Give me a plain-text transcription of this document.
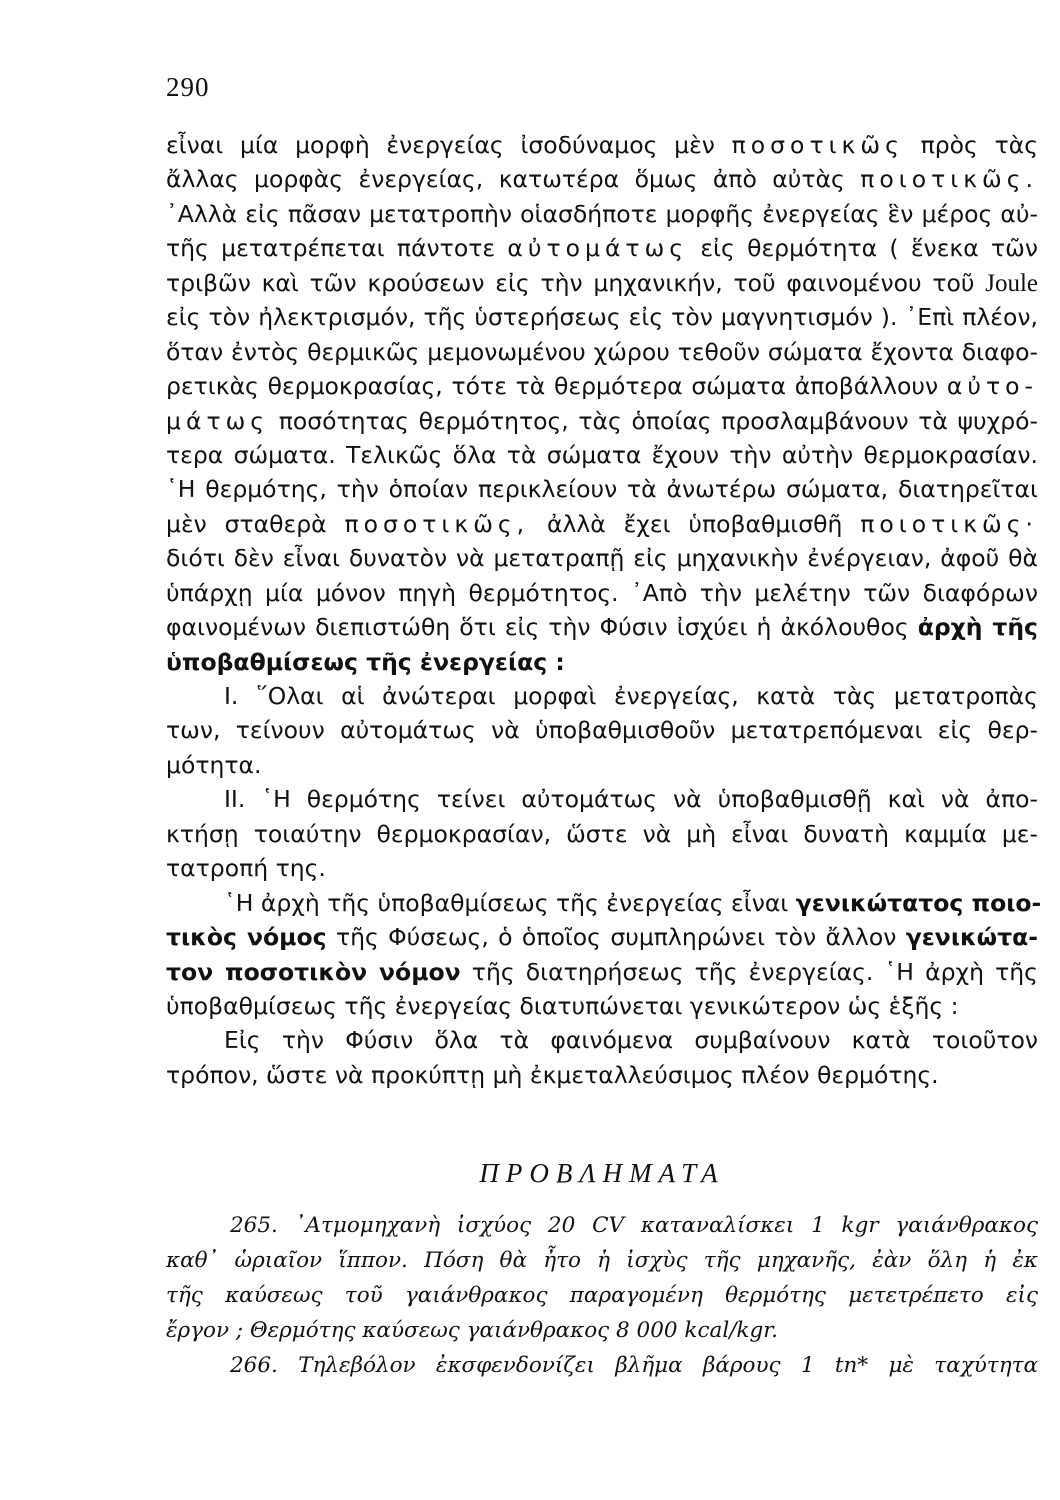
290
εἶναι μία μορφὴ ἐνεργείας ἰσοδύναμος μὲν ποσοτικῶς πρὸς τὰς
ἄλλας μορφὰς ἐνεργείας, κατωτέρα ὅμως ἀπὸ αὐτὰς ποιοτικῶς.
᾿Αλλὰ εἰς πᾶσαν μετατροπὴν οἱασδήποτε μορφῆς ἐνεργείας ἓν μέρος αὐ-
τῆς μετατρέπεται πάντοτε αὐτομάτως εἰς θερμότητα ( ἕνεκα τῶν
τριβῶν καὶ τῶν κρούσεων εἰς τὴν μηχανικήν, τοῦ φαινομένου τοῦ Joule
εἰς τὸν ἠλεκτρισμόν, τῆς ὑστερήσεως εἰς τὸν μαγνητισμόν ). ᾿Επὶ πλέον,
ὅταν ἐντὸς θερμικῶς μεμονωμένου χώρου τεθοῦν σώματα ἔχοντα διαφο-
ρετικὰς θερμοκρασίας, τότε τὰ θερμότερα σώματα ἀποβάλλουν αὐτο-
μάτως ποσότητας θερμότητος, τὰς ὁποίας προσλαμβάνουν τὰ ψυχρό-
τερα σώματα. Τελικῶς ὅλα τὰ σώματα ἔχουν τὴν αὐτὴν θερμοκρασίαν.
῾Η θερμότης, τὴν ὁποίαν περικλείουν τὰ ἀνωτέρω σώματα, διατηρεῖται
μὲν σταθερὰ ποσοτικῶς, ἀλλὰ ἔχει ὑποβαθμισθῆ ποιοτικῶς·
διότι δὲν εἶναι δυνατὸν νὰ μετατραπῇ εἰς μηχανικὴν ἐνέργειαν, ἀφοῦ θὰ
ὑπάρχῃ μία μόνον πηγὴ θερμότητος. ᾿Απὸ τὴν μελέτην τῶν διαφόρων
φαινομένων διεπιστώθη ὅτι εἰς τὴν Φύσιν ἰσχύει ἡ ἀκόλουθος ἀρχὴ τῆς
ὑποβαθμίσεως τῆς ἐνεργείας :
Ι. ῞Ολαι αἱ ἀνώτεραι μορφαὶ ἐνεργείας, κατὰ τὰς μετατροπὰς
των, τείνουν αὐτομάτως νὰ ὑποβαθμισθοῦν μετατρεπόμεναι εἰς θερ-
μότητα.
ΙΙ. ῾Η θερμότης τείνει αὐτομάτως νὰ ὑποβαθμισθῇ καὶ νὰ ἀπο-
κτήσῃ τοιαύτην θερμοκρασίαν, ὥστε νὰ μὴ εἶναι δυνατὴ καμμία με-
τατροπή της.
῾Η ἀρχὴ τῆς ὑποβαθμίσεως τῆς ἐνεργείας εἶναι γενικώτατος ποιο-
τικὸς νόμος τῆς Φύσεως, ὁ ὁποῖος συμπληρώνει τὸν ἄλλον γενικώτα-
τον ποσοτικὸν νόμον τῆς διατηρήσεως τῆς ἐνεργείας. ῾Η ἀρχὴ τῆς
ὑποβαθμίσεως τῆς ἐνεργείας διατυπώνεται γενικώτερον ὡς ἑξῆς :
Εἰς τὴν Φύσιν ὅλα τὰ φαινόμενα συμβαίνουν κατὰ τοιοῦτον
τρόπον, ὥστε νὰ προκύπτῃ μὴ ἐκμεταλλεύσιμος πλέον θερμότης.
ΠΡΟΒΛΗΜΑΤΑ
265. ᾿Ατμομηχανὴ ἰσχύος 20 CV καταναλίσκει 1 kgr γαιάνθρακος
καθ᾿ ὡριαῖον ἵππον. Πόση θὰ ἦτο ἡ ἰσχὺς τῆς μηχανῆς, ἐὰν ὅλη ἡ ἐκ
τῆς καύσεως τοῦ γαιάνθρακος παραγομένη θερμότης μετετρέπετο εἰς
ἔργον ; Θερμότης καύσεως γαιάνθρακος 8 000 kcal/kgr.
266. Τηλεβόλον ἐκσφενδονίζει βλῆμα βάρους 1 tn* μὲ ταχύτητα
